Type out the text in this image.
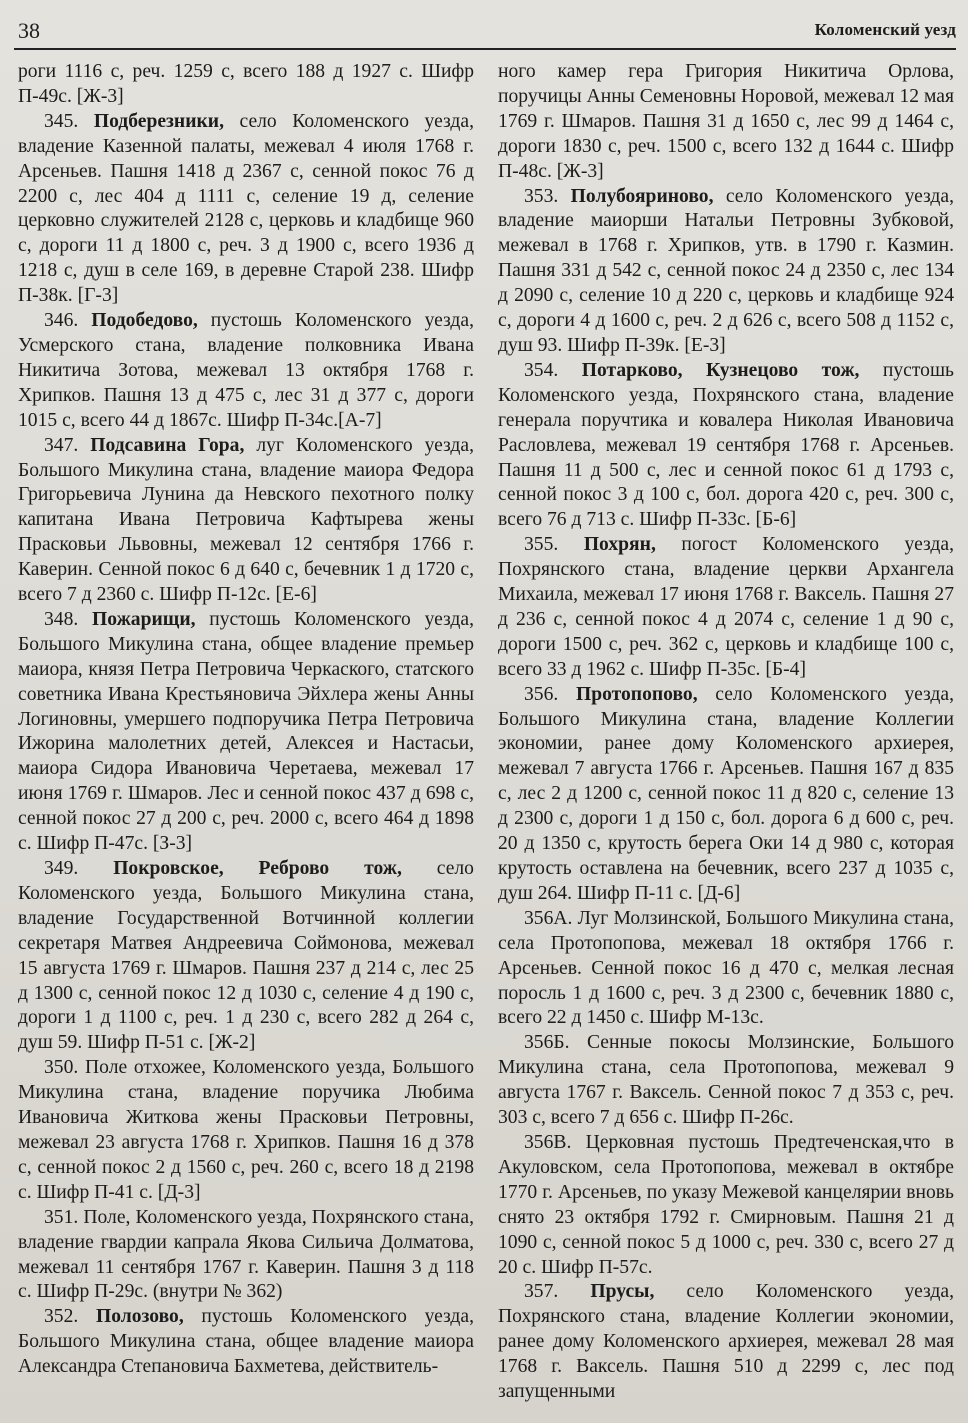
38	Коломенский уезд

роги 1116 с, реч. 1259 с, всего 188 д 1927 с. Шифр П-49с. [Ж-3]

345. Подберезники, село Коломенского уезда, владение Казенной палаты, межевал 4 июля 1768 г. Арсеньев. Пашня 1418 д 2367 с, сенной покос 76 д 2200 с, лес 404 д 1111 с, селение 19 д, селение церковно служителей 2128 с, церковь и кладбище 960 с, дороги 11 д 1800 с, реч. 3 д 1900 с, всего 1936 д 1218 с, душ в селе 169, в деревне Старой 238. Шифр П-38к. [Г-3]

346. Подобедово, пустошь Коломенского уезда, Усмерского стана, владение полковника Ивана Никитича Зотова, межевал 13 октября 1768 г. Хрипков. Пашня 13 д 475 с, лес 31 д 377 с, дороги 1015 с, всего 44 д 1867с. Шифр П-34с.[А-7]

347. Подсавина Гора, луг Коломенского уезда, Большого Микулина стана, владение маиора Федора Григорьевича Лунина да Невского пехотного полку капитана Ивана Петровича Кафтырева жены Прасковьи Львовны, межевал 12 сентября 1766 г. Каверин. Сенной покос 6 д 640 с, бечевник 1 д 1720 с, всего 7 д 2360 с. Шифр П-12с. [Е-6]

348. Пожарищи, пустошь Коломенского уезда, Большого Микулина стана, общее владение премьер маиора, князя Петра Петровича Черкаского, статского советника Ивана Крестьяновича Эйхлера жены Анны Логиновны, умершего подпоручика Петра Петровича Ижорина малолетних детей, Алексея и Настасьи, маиора Сидора Ивановича Черетаева, межевал 17 июня 1769 г. Шмаров. Лес и сенной покос 437 д 698 с, сенной покос 27 д 200 с, реч. 2000 с, всего 464 д 1898 с. Шифр П-47с. [З-3]

349. Покровское, Реброво тож, село Коломенского уезда, Большого Микулина стана, владение Государственной Вотчинной коллегии секретаря Матвея Андреевича Соймонова, межевал 15 августа 1769 г. Шмаров. Пашня 237 д 214 с, лес 25 д 1300 с, сенной покос 12 д 1030 с, селение 4 д 190 с, дороги 1 д 1100 с, реч. 1 д 230 с, всего 282 д 264 с, душ 59. Шифр П-51 с. [Ж-2]

350. Поле отхожее, Коломенского уезда, Большого Микулина стана, владение поручика Любима Ивановича Житкова жены Прасковьи Петровны, межевал 23 августа 1768 г. Хрипков. Пашня 16 д 378 с, сенной покос 2 д 1560 с, реч. 260 с, всего 18 д 2198 с. Шифр П-41 с. [Д-3]

351. Поле, Коломенского уезда, Похрянского стана, владение гвардии капрала Якова Сильича Долматова, межевал 11 сентября 1767 г. Каверин. Пашня 3 д 118 с. Шифр П-29с. (внутри № 362)

352. Полозово, пустошь Коломенского уезда, Большого Микулина стана, общее владение маиора Александра Степановича Бахметева, действитель-

ного камер гера Григория Никитича Орлова, поручицы Анны Семеновны Норовой, межевал 12 мая 1769 г. Шмаров. Пашня 31 д 1650 с, лес 99 д 1464 с, дороги 1830 с, реч. 1500 с, всего 132 д 1644 с. Шифр П-48с. [Ж-3]

353. Полубояриново, село Коломенского уезда, владение маиорши Натальи Петровны Зубковой, межевал в 1768 г. Хрипков, утв. в 1790 г. Казмин. Пашня 331 д 542 с, сенной покос 24 д 2350 с, лес 134 д 2090 с, селение 10 д 220 с, церковь и кладбище 924 с, дороги 4 д 1600 с, реч. 2 д 626 с, всего 508 д 1152 с, душ 93. Шифр П-39к. [Е-3]

354. Потарково, Кузнецово тож, пустошь Коломенского уезда, Похрянского стана, владение генерала поручтика и ковалера Николая Ивановича Расловлева, межевал 19 сентября 1768 г. Арсеньев. Пашня 11 д 500 с, лес и сенной покос 61 д 1793 с, сенной покос 3 д 100 с, бол. дорога 420 с, реч. 300 с, всего 76 д 713 с. Шифр П-33с. [Б-6]

355. Похрян, погост Коломенского уезда, Похрянского стана, владение церкви Архангела Михаила, межевал 17 июня 1768 г. Ваксель. Пашня 27 д 236 с, сенной покос 4 д 2074 с, селение 1 д 90 с, дороги 1500 с, реч. 362 с, церковь и кладбище 100 с, всего 33 д 1962 с. Шифр П-35с. [Б-4]

356. Протопопово, село Коломенского уезда, Большого Микулина стана, владение Коллегии экономии, ранее дому Коломенского архиерея, межевал 7 августа 1766 г. Арсеньев. Пашня 167 д 835 с, лес 2 д 1200 с, сенной покос 11 д 820 с, селение 13 д 2300 с, дороги 1 д 150 с, бол. дорога 6 д 600 с, реч. 20 д 1350 с, крутость берега Оки 14 д 980 с, которая крутость оставлена на бечевник, всего 237 д 1035 с, душ 264. Шифр П-11 с. [Д-6]

356А. Луг Молзинской, Большого Микулина стана, села Протопопова, межевал 18 октября 1766 г. Арсеньев. Сенной покос 16 д 470 с, мелкая лесная пoросль 1 д 1600 с, реч. 3 д 2300 с, бечевник 1880 с, всего 22 д 1450 с. Шифр М-13с.

356Б. Сенные покосы Молзинские, Большого Микулина стана, села Протопопова, межевал 9 августа 1767 г. Ваксель. Сенной покос 7 д 353 с, реч. 303 с, всего 7 д 656 с. Шифр П-26с.

356В. Церковная пустошь Предтеченская,что в Акуловском, села Протопопова, межевал в октябре 1770 г. Арсеньев, по указу Межевой канцелярии вновь снято 23 октября 1792 г. Смирновым. Пашня 21 д 1090 с, сенной покос 5 д 1000 с, реч. 330 с, всего 27 д 20 с. Шифр П-57с.

357. Прусы, село Коломенского уезда, Похрянского стана, владение Коллегии экономии, ранее дому Коломенского архиерея, межевал 28 мая 1768 г. Ваксель. Пашня 510 д 2299 с, лес под запущенными
